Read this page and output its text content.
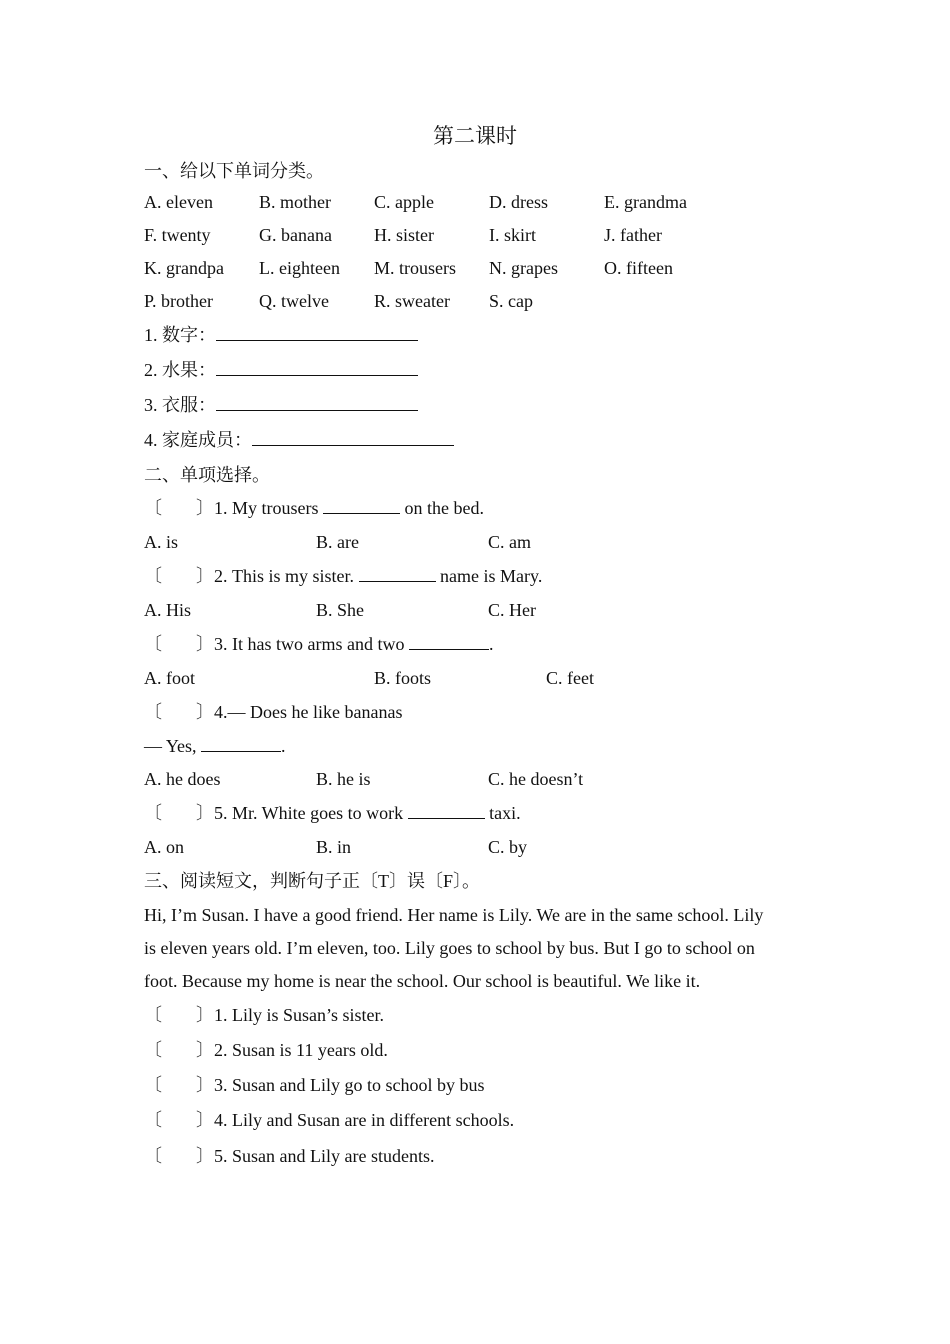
第二课时
一、给以下单词分类。
A. eleven	B. mother C. apple	D. dress	E. grandma
F. twenty	G. banana H. sister	I. skirt	J. father
K. grandpa L. eighteen M. trousers N. grapes	O. fifteen
P. brother	Q. twelve	R. sweater S. cap
1. 数字：
2. 水果：
3. 衣服：
4. 家庭成员：
二、单项选择。
〔 〕1. My trousers	on the bed.
A. is	B. are	C. am
〔 〕2. This is my sister.	name is Mary.
A. His	B. She	C. Her
〔 〕3. It has two arms and two	.
A. foot	B. foots	C. feet
〔 〕4.— Does he like bananas
— Yes,	.
A. he does	B. he is	C. he doesn’t
〔 〕5. Mr. White goes to work	taxi.
A. on	B. in	C. by
三、阅读短文，判断句子正〔T〕误〔F〕。
Hi, I’m Susan. I have a good friend. Her name is Lily. We are in the same school. Lily
is eleven years old. I’m eleven, too. Lily goes to school by bus. But I go to school on
foot. Because my home is near the school. Our school is beautiful. We like it.
〔 〕1. Lily is Susan’s sister.
〔 〕2. Susan is 11 years old.
〔 〕3. Susan and Lily go to school by bus
〔 〕4. Lily and Susan are in different schools.
〔 〕5. Susan and Lily are students.
